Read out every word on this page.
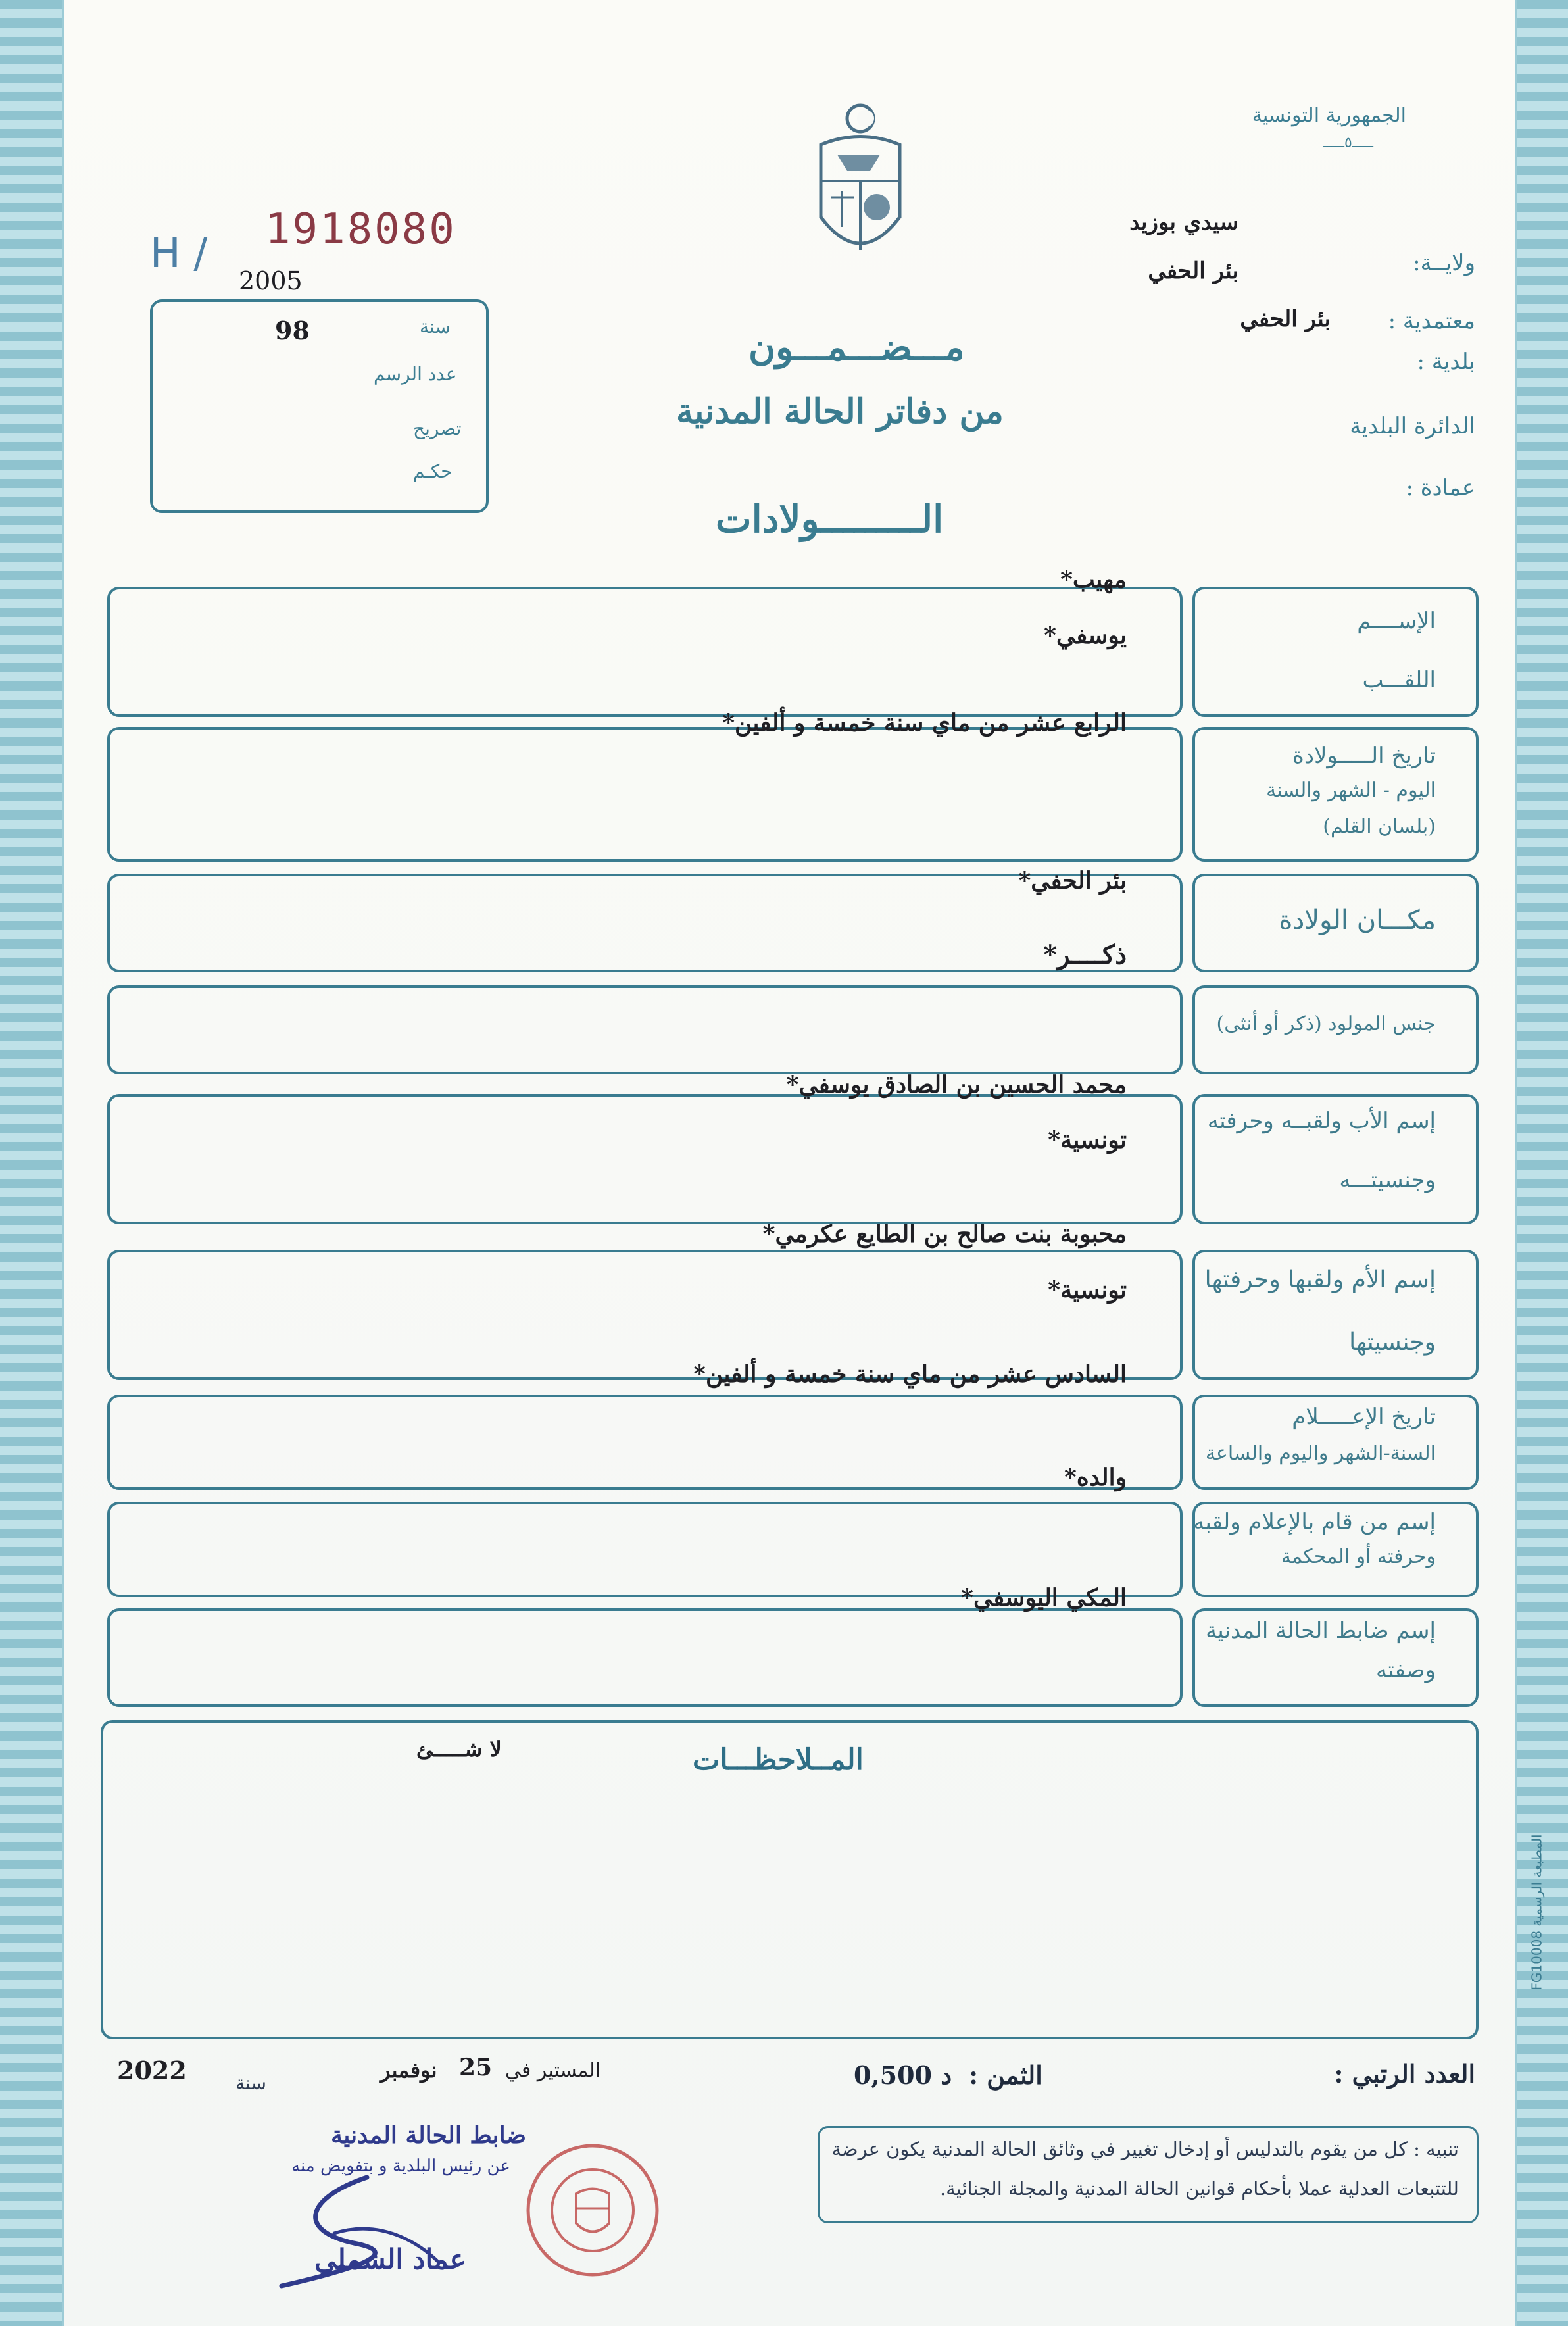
الجمهورية التونسية
ـــــ٥ـــــ
سيدي بوزيد
ولايــة:
بئر الحفي
معتمدية :
بئر الحفي
بلدية :
الدائرة البلدية
عمادة :
H / 1918080
2005
98	سنة
عدد الرسم
تصريح
حكـم
مـــضـــمـــون
من دفاتر الحالة المدنية
الـــــــــولادات
الإســــم
اللقـــب
مهيب*
يوسفي*
تاريخ الـــــولادة
اليوم - الشهر والسنة
(بلسان القلم)
الرابع عشر من ماي سنة خمسة و ألفين*
مكـــان الولادة
بئر الحفي*
جنس المولود (ذكر أو أنثى)
ذكــــر*
إسم الأب ولقبــه وحرفته
وجنسيتـــه
محمد الحسين بن الصادق يوسفي*
تونسية*
إسم الأم ولقبها وحرفتها
وجنسيتها
محبوبة بنت صالح بن الطايع عكرمي*
تونسية*
تاريخ الإعـــــلام
السنة-الشهر واليوم والساعة
السادس عشر من ماي سنة خمسة و ألفين*
إسم من قام بالإعلام ولقبه
وحرفته أو المحكمة
والده*
إسم ضابط الحالة المدنية
وصفته
المكي اليوسفي*
المــلاحظـــات
لا شـــــئ
المطبعة الرسمية FG10008
العدد الرتبي :
الثمن :
0,500 د
المستير في
25
نوفمبر
سنة
2022
ضابط الحالة المدنية
عن رئيس البلدية و بتفويض منه
عماد الشملي
تنبيه : كل من يقوم بالتدليس أو إدخال تغيير في وثائق الحالة المدنية يكون عرضة
للتتبعات العدلية عملا بأحكام قوانين الحالة المدنية والمجلة الجنائية.
